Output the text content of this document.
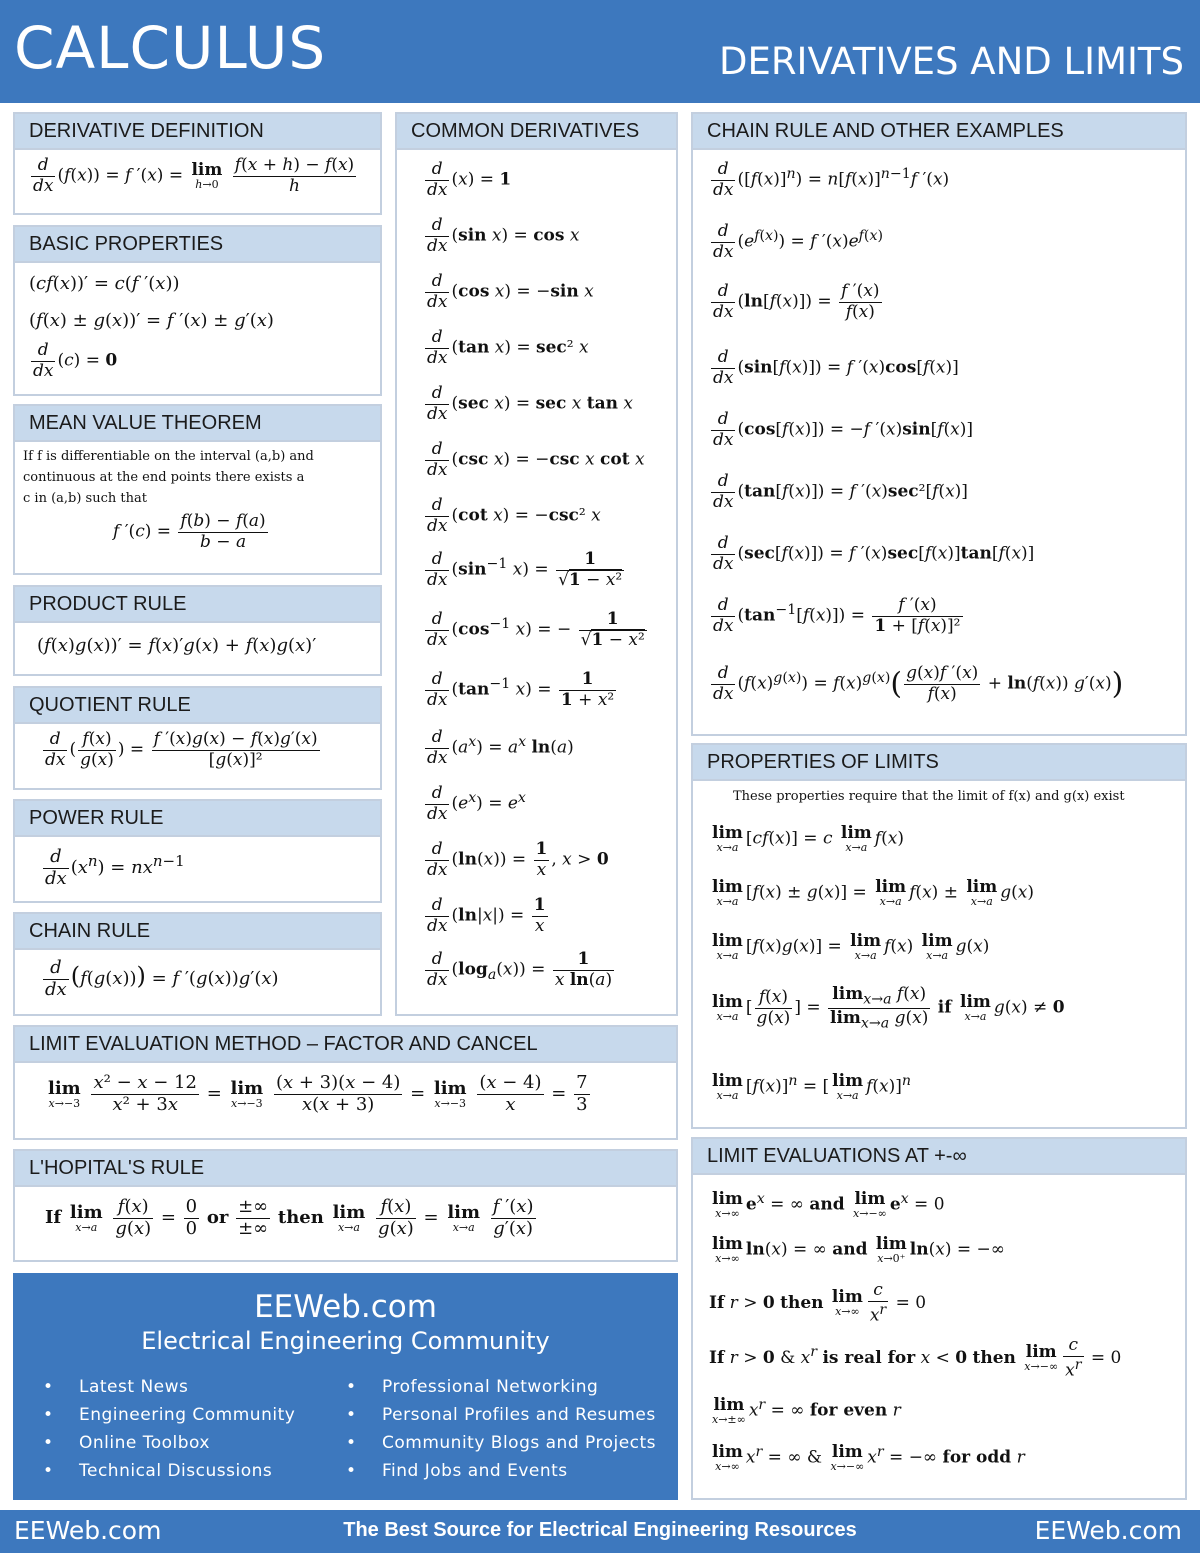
CALCULUS	DERIVATIVES AND LIMITS
DERIVATIVE DEFINITION
$\frac{d}{dx} (f(x)) = f$ ′(x) = lim
h→0
$\frac{f(x + h) - f(x)}{h}$
BASIC PROPERTIES
(cf(x))′ = c(f ′(x))
(f(x) ± g(x))′ = f ′(x) ± g′(x)
$\frac{d}{dx} (c) = 0$
MEAN VALUE THEOREM
If f is differentiable on the interval (a,b) and
continuous at the end points there exists a
c in (a,b) such that
f $'(c) = \frac{f(b) - f(a)}{b - a}$
PRODUCT RULE
(f(x)g(x))′ = f(x)′g(x) + f(x)g(x)′
QUOTIENT RULE
$\frac{d}{dx}$ ( $\frac{f(x)}{g(x)}$ ) = $\frac{f '(x)g(x) - f(x)g'(x)}{\text{[g(x)]²}}$
POWER RULE
$\frac{d}{dx} (x^n) = nx^{n-1}$
CHAIN RULE
$\frac{d}{dx} (f(g(x))) = f$ ′(g(x))g′(x)
COMMON DERIVATIVES
$\frac{d}{dx} (x) = 1$
$\frac{d}{dx} (\sin$ x) = cos x
$\frac{d}{dx} (\cos$ x) = −sin x
$\frac{d}{dx} (\tan$ x) = sec² x
$\frac{d}{dx} (\sec$ x) = sec x tan x
$\frac{d}{dx} (\csc$ x) = −csc x cot x
$\frac{d}{dx} (\cot$ x) = −csc² x
$\frac{d}{dx} (\sin^{-1}$ $x) = \frac{1}{\text{√1 − x²}}$
$\frac{d}{dx} (\cos^{-1}$ x) = − $\frac{1}{\text{√1 − x²}}$
$\frac{d}{dx} (\tan^{-1}$ $x) = \frac{1}{\text{1 + x²}}$
$\frac{d}{dx} (a^x) = a^x$ ln(a)
$\frac{d}{dx} (e^x) = e^x$
$\frac{d}{dx} (\ln(x)) = \frac{1}{x}$ , x > 0
$\frac{d}{dx} (\ln|x|) = \frac{1}{x}$
$\frac{d}{dx} (\log_a(x)) = \frac{1}{\text{x ln(a)}}$
CHAIN RULE AND OTHER EXAMPLES
$\frac{d}{dx} ([f(x)]^n) = n[f(x)]^{n-1}f$ ′(x)
$\frac{d}{dx} (e^{f(x)}) = f$ $'(x)e^{f(x)}$
$\frac{d}{dx} (\ln[f(x)]) = \frac{f '(x)}{f(x)}$
$\frac{d}{dx} (\sin[f(x)]) = f$ ′(x)cos[f(x)]
$\frac{d}{dx} (\cos[f(x)]) = -f$ ′(x)sin[f(x)]
$\frac{d}{dx} (\tan[f(x)]) = f$ ′(x)sec²[f(x)]
$\frac{d}{dx} (\sec[f(x)]) = f$ ′(x)sec[f(x)]tan[f(x)]
$\frac{d}{dx} (\tan^{-1}[f(x)]) = \frac{f '(x)}{\text{1 + [f(x)]²}}$
$\frac{d}{dx} (f(x)^{g(x)}) = f(x)^{g(x)}( \frac{g(x)f '(x)}{f(x)} + \ln(f(x))$ g′(x))
LIMIT EVALUATION METHOD – FACTOR AND CANCEL
lim
x→−3
$\frac{\text{x² − x − 12}}{\text{x² + 3x}} = \lim$
x→−3
$\frac{(x + 3)(x - 4)}{x(x + 3)} = \lim$
x→−3
$\frac{(x - 4)}{x} = \frac{7}{3}$
L'HOPITAL'S RULE
If lim
x→a
$\frac{f(x)}{g(x)} = \frac{0}{0}$ or $\frac{\pm\infty}{\pm\infty}$ then lim
x→a
$\frac{f(x)}{g(x)} = \lim$
x→a
$\frac{f '(x)}{g'(x)}$
PROPERTIES OF LIMITS
These properties require that the limit of f(x) and g(x) exist
lim
x→a [cf(x)] = c lim
x→a f(x)
lim
x→a [f(x) ± g(x)] = lim
x→a f(x) ± lim
x→a g(x)
lim
x→a [f(x)g(x)] = lim
x→a f(x) lim
x→a g(x)
lim
x→a [ $\frac{f(x)}{g(x)}$ ] = $\frac{\lim_{x\to a} f(x)}{\lim_{x\to a} g(x)}$ if lim
x→a g(x) ≠ 0
lim
x→a $[f(x)]^n$ = [ lim
x→a f(x)]$^n$
LIMIT EVALUATIONS AT +-∞
lim
x→∞ $e^x$ = ∞ and lim
x→−∞ $e^x = 0$
lim
x→∞ ln(x) = ∞ and lim
x→0⁺ ln(x) = −∞
If r > 0 then lim
$x\to\infty \frac{c}{x^r} = 0$
If r > 0 & $x^r$ is real for x < 0 then lim
$x\to-\infty \frac{c}{x^r} = 0$
lim
x→±∞ $x^r$ = ∞ for even r
lim
x→∞ $x^r$ = ∞ & lim
x→−∞ $x^r$ = −∞ for odd r
EEWeb.com
Electrical Engineering Community
• Latest News
• Engineering Community
• Online Toolbox
• Technical Discussions
• Professional Networking
• Personal Profiles and Resumes
• Community Blogs and Projects
• Find Jobs and Events
EEWeb.com	The Best Source for Electrical Engineering Resources	EEWeb.com
